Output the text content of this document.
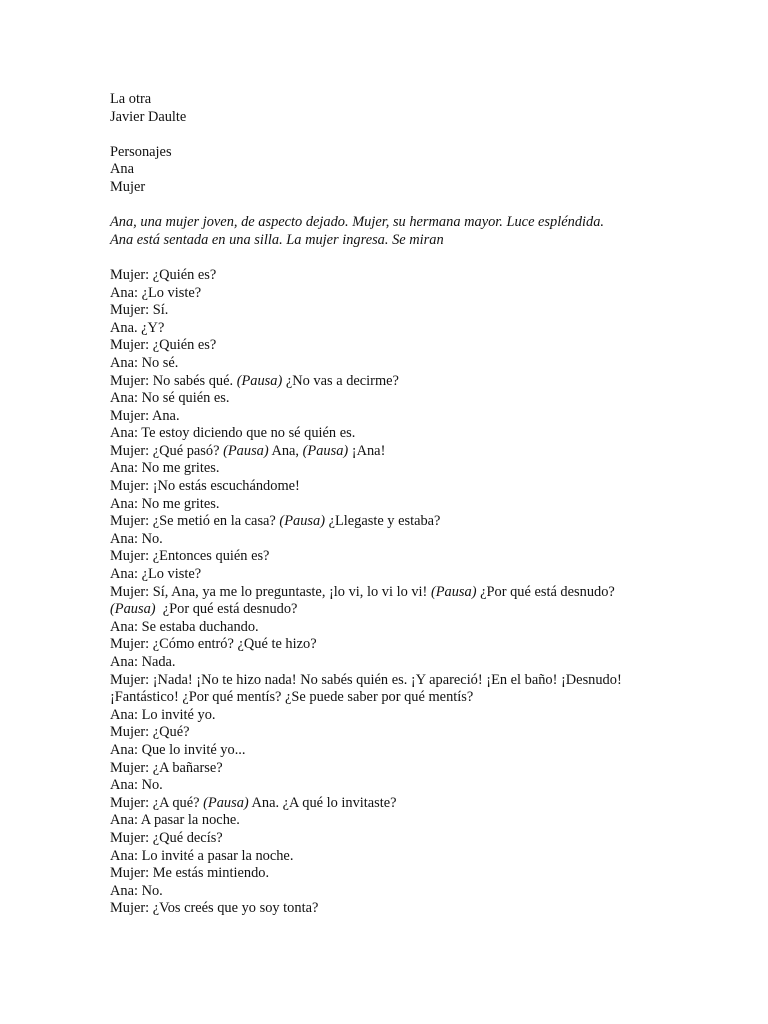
La otra
Javier Daulte
Personajes
Ana
Mujer
Ana, una mujer joven, de aspecto dejado. Mujer, su hermana mayor. Luce espléndida.
Ana está sentada en una silla. La mujer ingresa. Se miran
Mujer: ¿Quién es?
Ana: ¿Lo viste?
Mujer: Sí.
Ana. ¿Y?
Mujer: ¿Quién es?
Ana: No sé.
Mujer: No sabés qué. (Pausa) ¿No vas a decirme?
Ana: No sé quién es.
Mujer: Ana.
Ana: Te estoy diciendo que no sé quién es.
Mujer: ¿Qué pasó? (Pausa) Ana, (Pausa) ¡Ana!
Ana: No me grites.
Mujer: ¡No estás escuchándome!
Ana: No me grites.
Mujer: ¿Se metió en la casa? (Pausa) ¿Llegaste y estaba?
Ana: No.
Mujer: ¿Entonces quién es?
Ana: ¿Lo viste?
Mujer: Sí, Ana, ya me lo preguntaste, ¡lo vi, lo vi lo vi! (Pausa) ¿Por qué está desnudo?
(Pausa)  ¿Por qué está desnudo?
Ana: Se estaba duchando.
Mujer: ¿Cómo entró? ¿Qué te hizo?
Ana: Nada.
Mujer: ¡Nada! ¡No te hizo nada! No sabés quién es. ¡Y apareció! ¡En el baño! ¡Desnudo!
¡Fantástico! ¿Por qué mentís? ¿Se puede saber por qué mentís?
Ana: Lo invité yo.
Mujer: ¿Qué?
Ana: Que lo invité yo...
Mujer: ¿A bañarse?
Ana: No.
Mujer: ¿A qué? (Pausa) Ana. ¿A qué lo invitaste?
Ana: A pasar la noche.
Mujer: ¿Qué decís?
Ana: Lo invité a pasar la noche.
Mujer: Me estás mintiendo.
Ana: No.
Mujer: ¿Vos creés que yo soy tonta?
